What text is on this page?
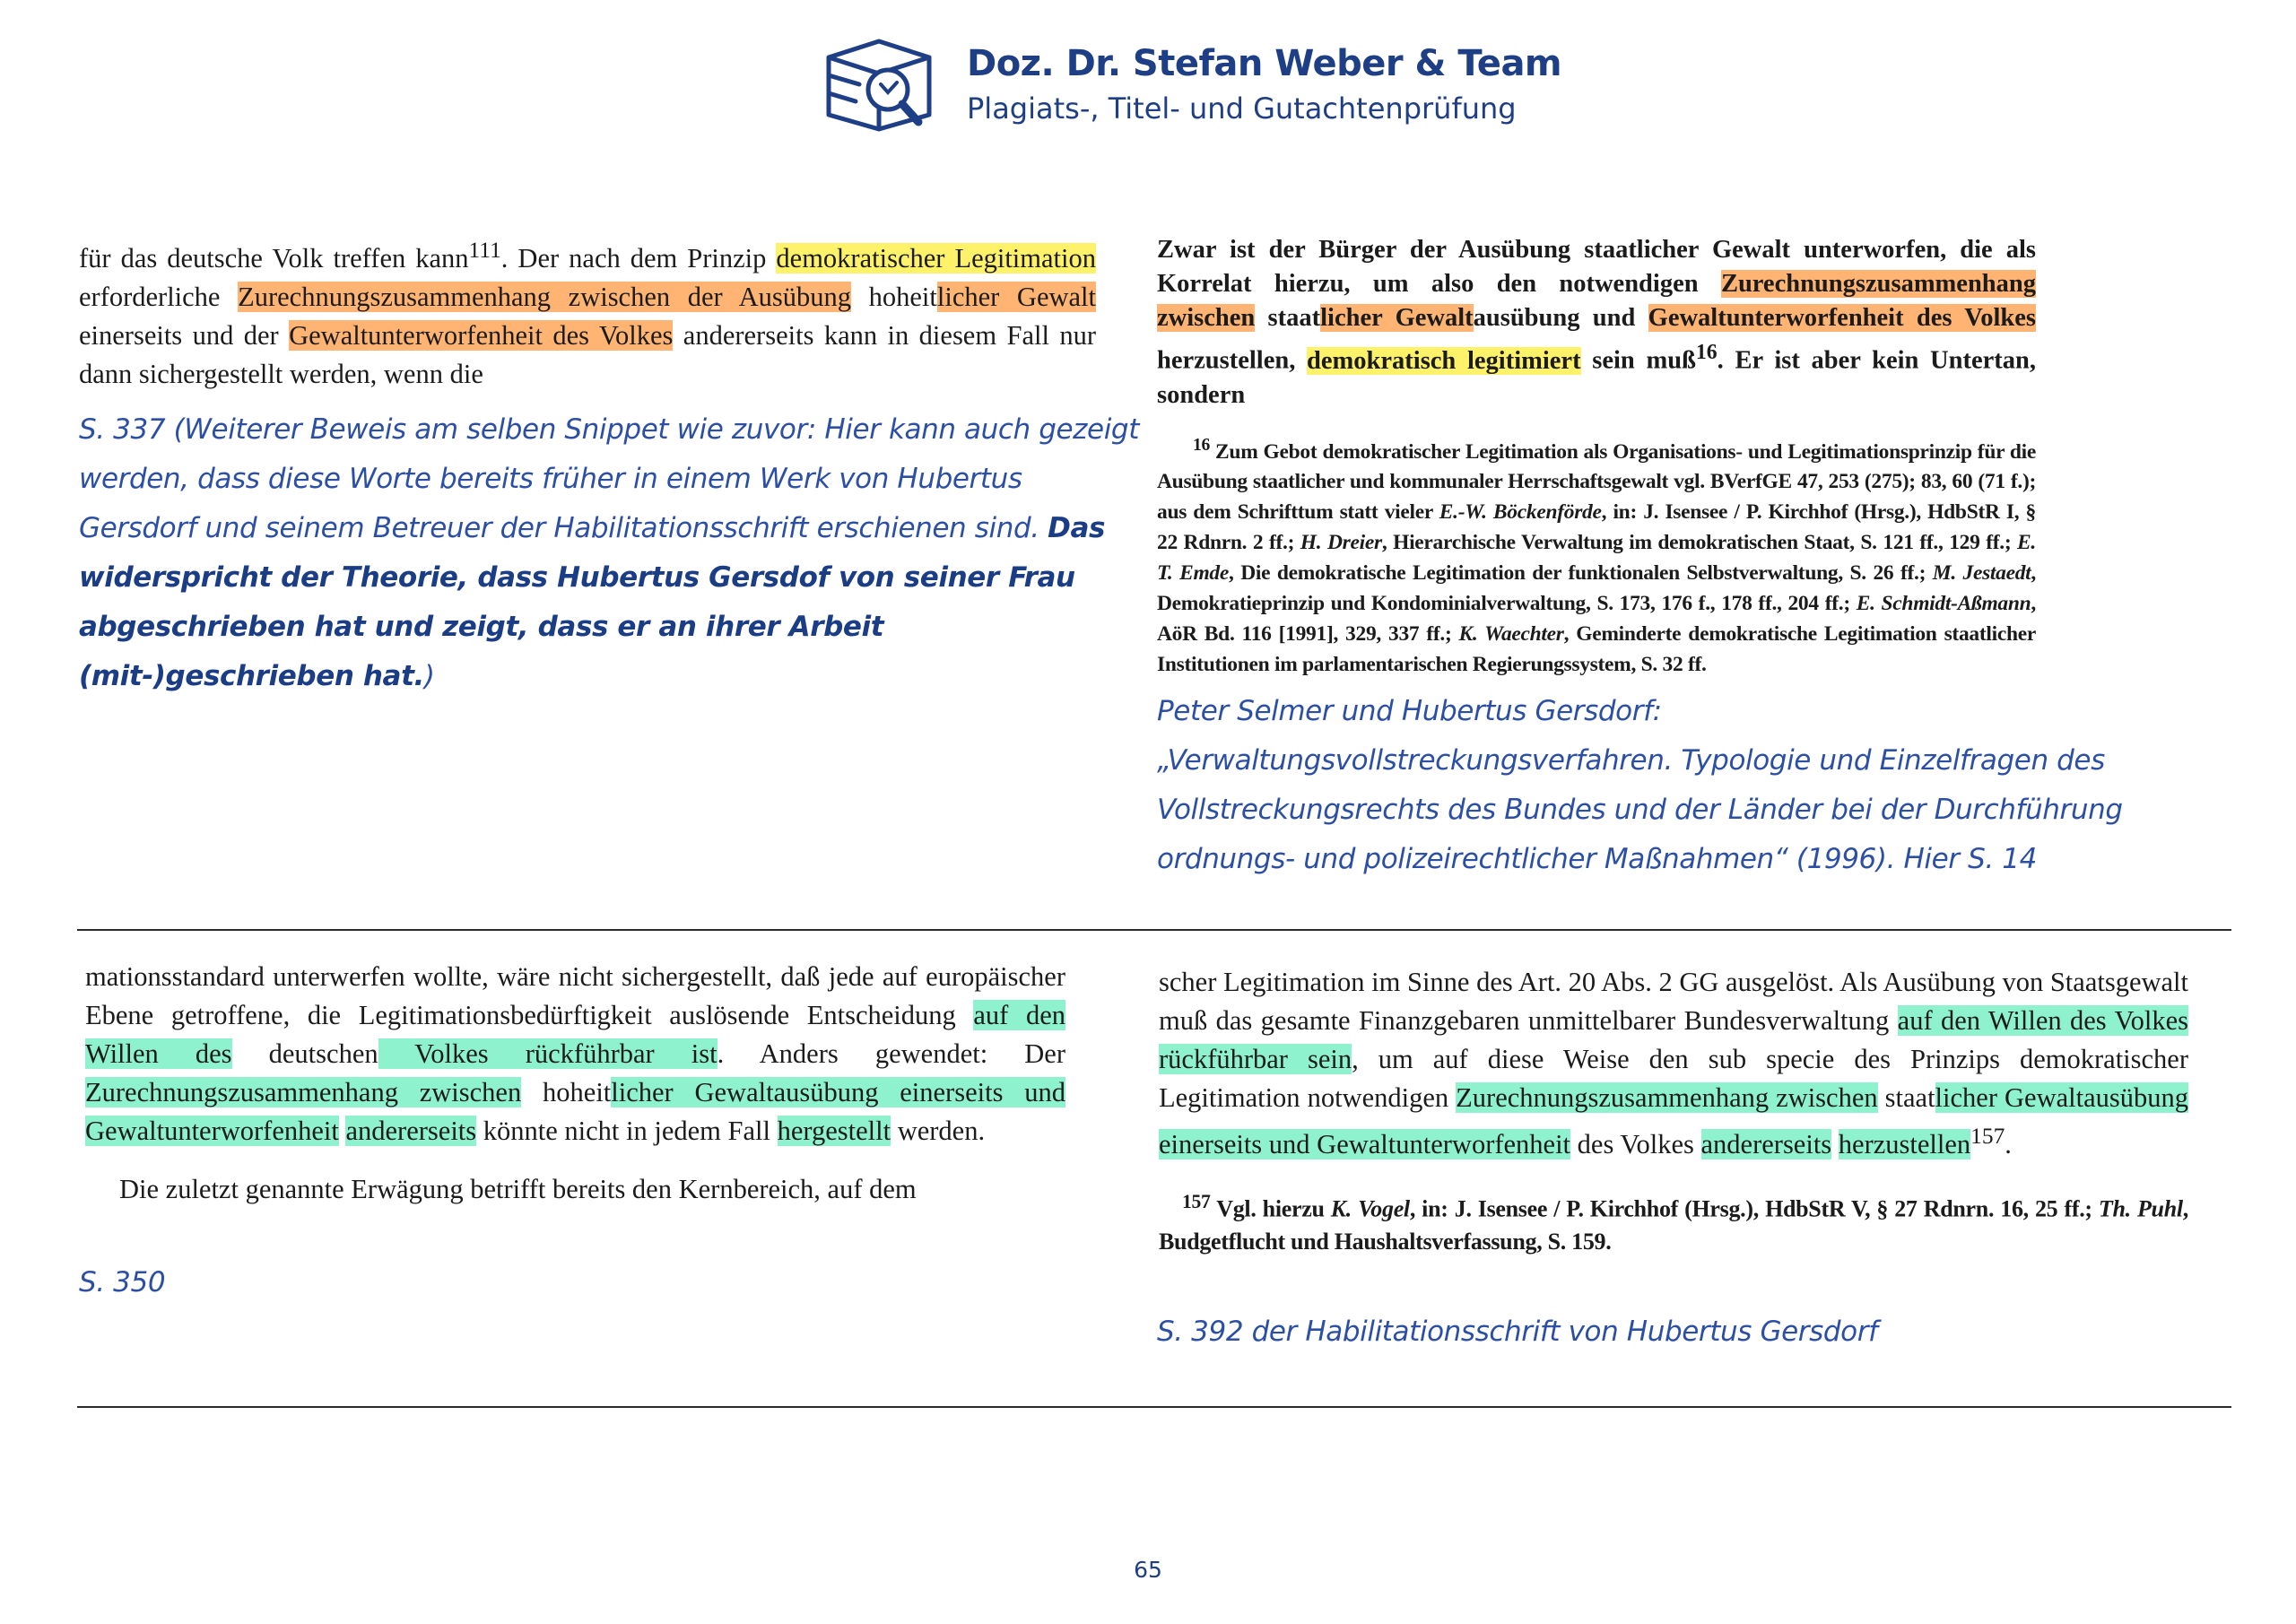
Doz. Dr. Stefan Weber & Team

Plagiats-, Titel- und Gutachtenprüfung

für das deutsche Volk treffen kann$^{111}$. Der nach dem Prinzip demokratischer Legitimation erforderliche Zurechnungszusammenhang zwischen der Ausübung hoheitlicher Gewalt einerseits und der Gewaltunterworfenheit des Volkes andererseits kann in diesem Fall nur dann sichergestellt werden, wenn die

S. 337 (Weiterer Beweis am selben Snippet wie zuvor: Hier kann auch gezeigt werden, dass diese Worte bereits früher in einem Werk von Hubertus Gersdorf und seinem Betreuer der Habilitationsschrift erschienen sind. Das widerspricht der Theorie, dass Hubertus Gersdof von seiner Frau abgeschrieben hat und zeigt, dass er an ihrer Arbeit (mit-)geschrieben hat.)

Zwar ist der Bürger der Ausübung staatlicher Gewalt unterworfen, die als Korrelat hierzu, um also den notwendigen Zurechnungszusammenhang zwischen staatlicher Gewaltausübung und Gewaltunterworfenheit des Volkes herzustellen, demokratisch legitimiert sein muß$^{16}$. Er ist aber kein Untertan, sondern

$^{16}$ Zum Gebot demokratischer Legitimation als Organisations- und Legitimationsprinzip für die Ausübung staatlicher und kommunaler Herrschaftsgewalt vgl. BVerfGE 47, 253 (275); 83, 60 (71 f.); aus dem Schrifttum statt vieler E.-W. Böckenförde, in: J. Isensee / P. Kirchhof (Hrsg.), HdbStR I, § 22 Rdnrn. 2 ff.; H. Dreier, Hierarchische Verwaltung im demokratischen Staat, S. 121 ff., 129 ff.; E. T. Emde, Die demokratische Legitimation der funktionalen Selbstverwaltung, S. 26 ff.; M. Jestaedt, Demokratieprinzip und Kondominialverwaltung, S. 173, 176 f., 178 ff., 204 ff.; E. Schmidt-Aßmann, AöR Bd. 116 [1991], 329, 337 ff.; K. Waechter, Geminderte demokratische Legitimation staatlicher Institutionen im parlamentarischen Regierungssystem, S. 32 ff.

Peter Selmer und Hubertus Gersdorf: „Verwaltungsvollstreckungsverfahren. Typologie und Einzelfragen des Vollstreckungsrechts des Bundes und der Länder bei der Durchführung ordnungs- und polizeirechtlicher Maßnahmen“ (1996). Hier S. 14

mationsstandard unterwerfen wollte, wäre nicht sichergestellt, daß jede auf europäischer Ebene getroffene, die Legitimationsbedürftigkeit auslösende Entscheidung auf den Willen des deutschen Volkes rückführbar ist. Anders gewendet: Der Zurechnungszusammenhang zwischen hoheitlicher Gewaltausübung einerseits und Gewaltunterworfenheit andererseits könnte nicht in jedem Fall hergestellt werden.

Die zuletzt genannte Erwägung betrifft bereits den Kernbereich, auf dem

S. 350

scher Legitimation im Sinne des Art. 20 Abs. 2 GG ausgelöst. Als Ausübung von Staatsgewalt muß das gesamte Finanzgebaren unmittelbarer Bundesverwaltung auf den Willen des Volkes rückführbar sein, um auf diese Weise den sub specie des Prinzips demokratischer Legitimation notwendigen Zurechnungszusammenhang zwischen staatlicher Gewaltausübung einerseits und Gewaltunterworfenheit des Volkes andererseits herzustellen$^{157}$.

$^{157}$ Vgl. hierzu K. Vogel, in: J. Isensee / P. Kirchhof (Hrsg.), HdbStR V, § 27 Rdnrn. 16, 25 ff.; Th. Puhl, Budgetflucht und Haushaltsverfassung, S. 159.

S. 392 der Habilitationsschrift von Hubertus Gersdorf
65
